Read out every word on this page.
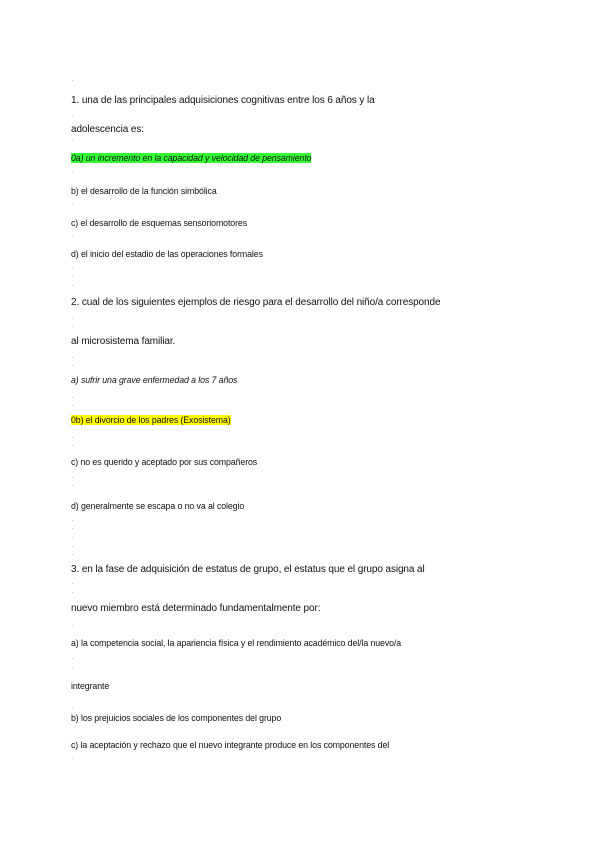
1. una de las principales adquisiciones cognitivas entre los 6 años y la
adolescencia es:
0a) un incremento en la capacidad y velocidad de pensamiento
b) el desarrollo de la función simbólica
c) el desarrollo de esquemas sensoriomotores
d) el inicio del estadio de las operaciones formales
2. cual de los siguientes ejemplos de riesgo para el desarrollo del niño/a corresponde
al microsistema familiar.
a) sufrir una grave enfermedad a los 7 años
0b) el divorcio de los padres (Exosistema)
c) no es querido y aceptado por sus compañeros
d) generalmente se escapa o no va al colegio
3. en la fase de adquisición de estatus de grupo, el estatus que el grupo asigna al
nuevo miembro está determinado fundamentalmente por:
a) la competencia social, la apariencia física y el rendimiento académico del/la nuevo/a
integrante
b) los prejuicios sociales de los componentes del grupo
c) la aceptación y rechazo que el nuevo integrante produce en los componentes del
